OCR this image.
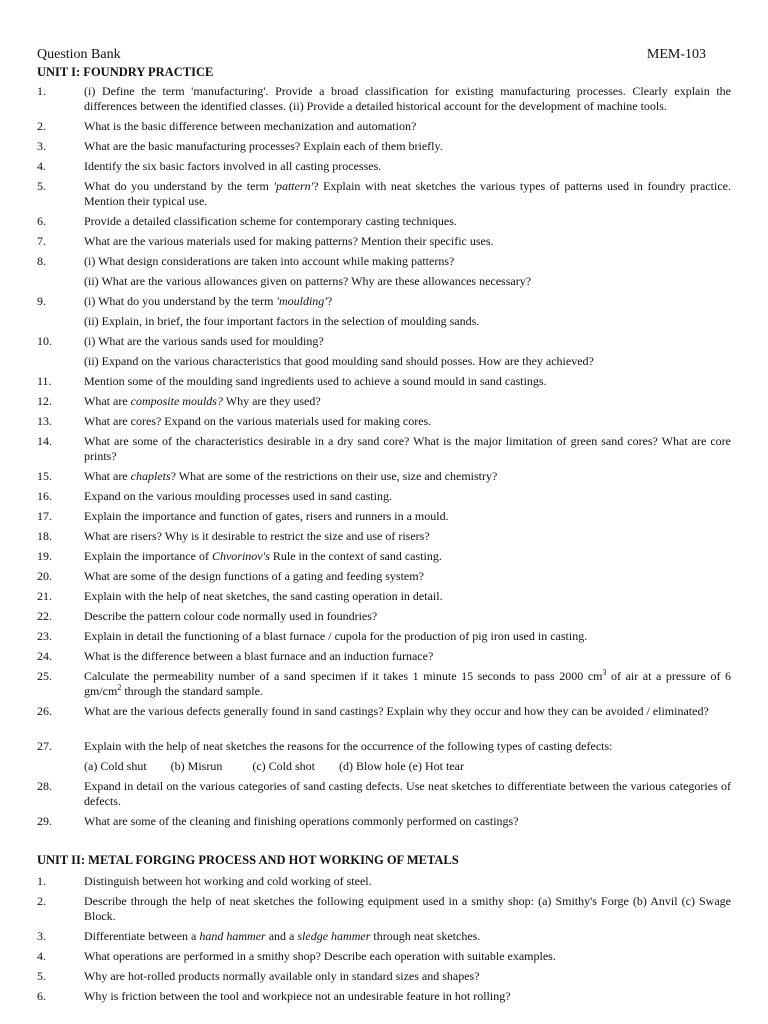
Question Bank	MEM-103
UNIT I: FOUNDRY PRACTICE
1.	(i) Define the term 'manufacturing'. Provide a broad classification for existing manufacturing processes. Clearly explain the differences between the identified classes. (ii) Provide a detailed historical account for the development of machine tools.
2.	What is the basic difference between mechanization and automation?
3.	What are the basic manufacturing processes? Explain each of them briefly.
4.	Identify the six basic factors involved in all casting processes.
5.	What do you understand by the term 'pattern'? Explain with neat sketches the various types of patterns used in foundry practice. Mention their typical use.
6.	Provide a detailed classification scheme for contemporary casting techniques.
7.	What are the various materials used for making patterns? Mention their specific uses.
8.	(i) What design considerations are taken into account while making patterns?
(ii) What are the various allowances given on patterns? Why are these allowances necessary?
9.	(i) What do you understand by the term 'moulding'?
(ii) Explain, in brief, the four important factors in the selection of moulding sands.
10.	(i) What are the various sands used for moulding?
(ii) Expand on the various characteristics that good moulding sand should posses. How are they achieved?
11.	Mention some of the moulding sand ingredients used to achieve a sound mould in sand castings.
12.	What are composite moulds? Why are they used?
13.	What are cores? Expand on the various materials used for making cores.
14.	What are some of the characteristics desirable in a dry sand core? What is the major limitation of green sand cores? What are core prints?
15.	What are chaplets? What are some of the restrictions on their use, size and chemistry?
16.	Expand on the various moulding processes used in sand casting.
17.	Explain the importance and function of gates, risers and runners in a mould.
18.	What are risers? Why is it desirable to restrict the size and use of risers?
19.	Explain the importance of Chvorinov's Rule in the context of sand casting.
20.	What are some of the design functions of a gating and feeding system?
21.	Explain with the help of neat sketches, the sand casting operation in detail.
22.	Describe the pattern colour code normally used in foundries?
23.	Explain in detail the functioning of a blast furnace / cupola for the production of pig iron used in casting.
24.	What is the difference between a blast furnace and an induction furnace?
25.	Calculate the permeability number of a sand specimen if it takes 1 minute 15 seconds to pass 2000 $cm^3$ of air at a pressure of 6 $gm/cm^2$ through the standard sample.
26.	What are the various defects generally found in sand castings? Explain why they occur and how they can be avoided / eliminated?
27.	Explain with the help of neat sketches the reasons for the occurrence of the following types of casting defects:
(a) Cold shut        (b) Misrun          (c) Cold shot        (d) Blow hole (e) Hot tear
28.	Expand in detail on the various categories of sand casting defects. Use neat sketches to differentiate between the various categories of defects.
29.	What are some of the cleaning and finishing operations commonly performed on castings?
UNIT II: METAL FORGING PROCESS AND HOT WORKING OF METALS
1.	Distinguish between hot working and cold working of steel.
2.	Describe through the help of neat sketches the following equipment used in a smithy shop: (a) Smithy's Forge (b) Anvil (c) Swage Block.
3.	Differentiate between a hand hammer and a sledge hammer through neat sketches.
4.	What operations are performed in a smithy shop? Describe each operation with suitable examples.
5.	Why are hot-rolled products normally available only in standard sizes and shapes?
6.	Why is friction between the tool and workpiece not an undesirable feature in hot rolling?
